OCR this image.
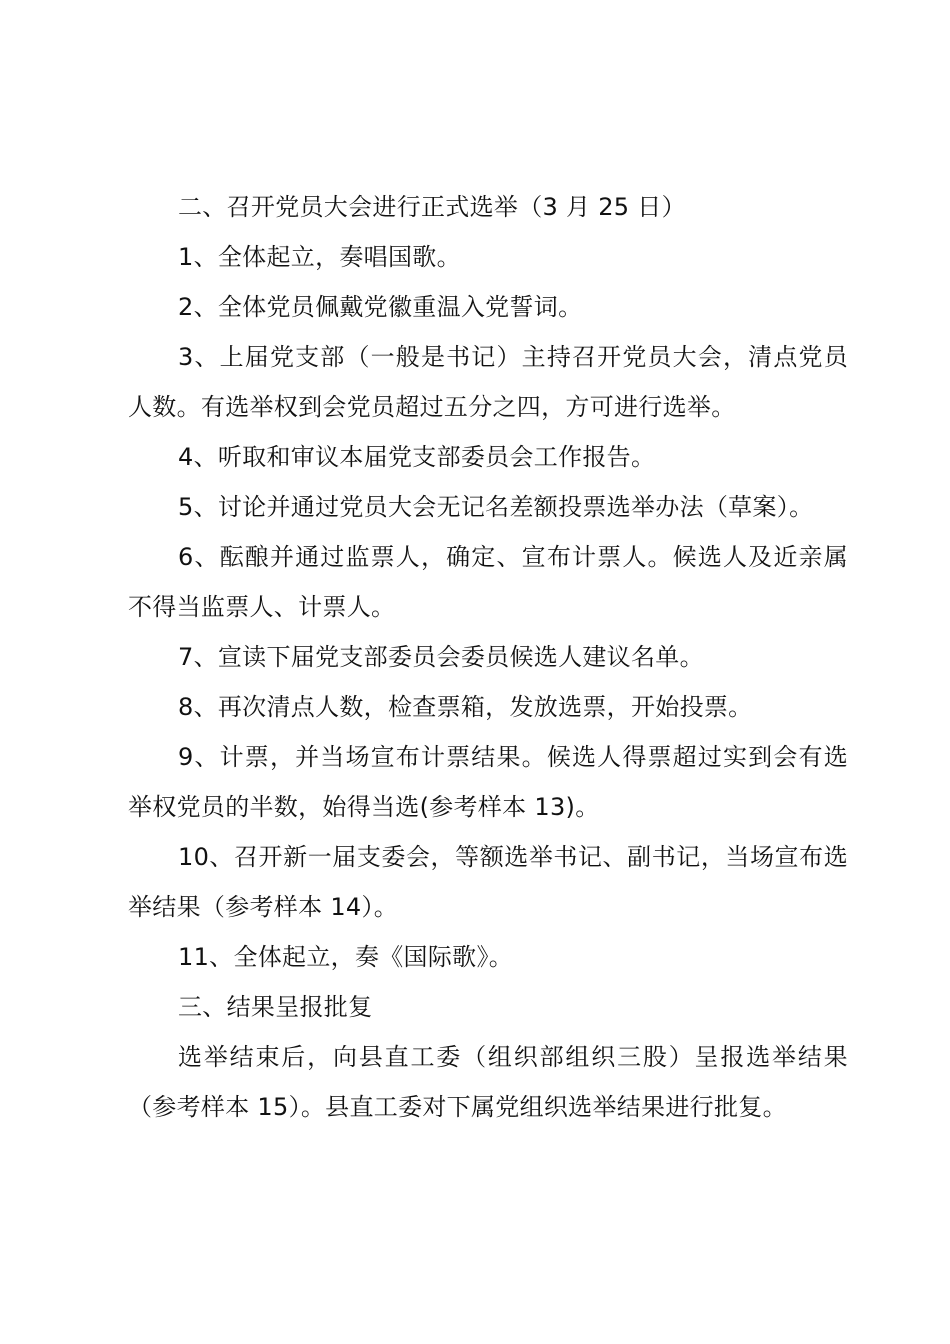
二、召开党员大会进行正式选举（3 月 25 日）

1、全体起立，奏唱国歌。

2、全体党员佩戴党徽重温入党誓词。

3、上届党支部（一般是书记）主持召开党员大会，清点党员人数。有选举权到会党员超过五分之四，方可进行选举。

4、听取和审议本届党支部委员会工作报告。

5、讨论并通过党员大会无记名差额投票选举办法（草案）。

6、酝酿并通过监票人，确定、宣布计票人。候选人及近亲属不得当监票人、计票人。

7、宣读下届党支部委员会委员候选人建议名单。

8、再次清点人数，检查票箱，发放选票，开始投票。

9、计票，并当场宣布计票结果。候选人得票超过实到会有选举权党员的半数，始得当选(参考样本 13)。

10、召开新一届支委会，等额选举书记、副书记，当场宣布选举结果（参考样本 14）。

11、全体起立，奏《国际歌》。

三、结果呈报批复

选举结束后，向县直工委（组织部组织三股）呈报选举结果（参考样本 15）。县直工委对下属党组织选举结果进行批复。
